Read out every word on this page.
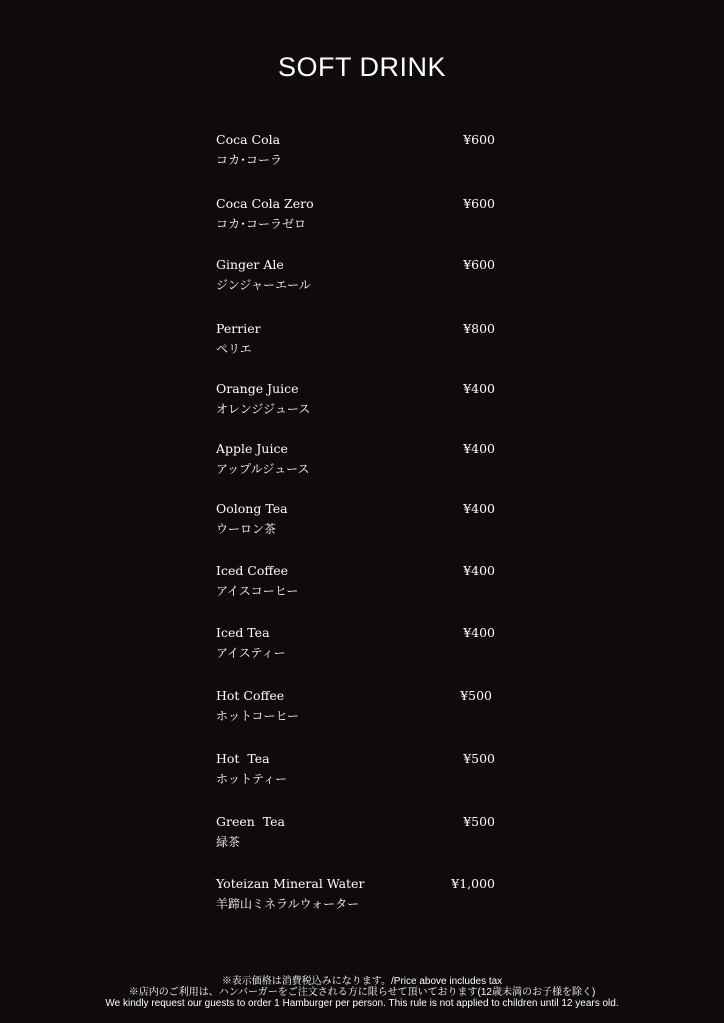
SOFT DRINK
Coca Cola	¥600
コカ･コーラ
Coca Cola Zero	¥600
コカ･コーラゼロ
Ginger Ale	¥600
ジンジャーエール
Perrier	¥800
ペリエ
Orange Juice	¥400
オレンジジュース
Apple Juice	¥400
アップルジュース
Oolong Tea	¥400
ウーロン茶
Iced Coffee	¥400
アイスコーヒー
Iced Tea	¥400
アイスティー
Hot Coffee	¥500
ホットコーヒー
Hot  Tea	¥500
ホットティー
Green  Tea	¥500
緑茶
Yoteizan Mineral Water	¥1,000
羊蹄山ミネラルウォーター
※表示価格は消費税込みになります。/Price above includes tax
※店内のご利用は、ハンバーガーをご注文される方に限らせて頂いております(12歳未満のお子様を除く)
We kindly request our guests to order 1 Hamburger per person. This rule is not applied to children until 12 years old.
